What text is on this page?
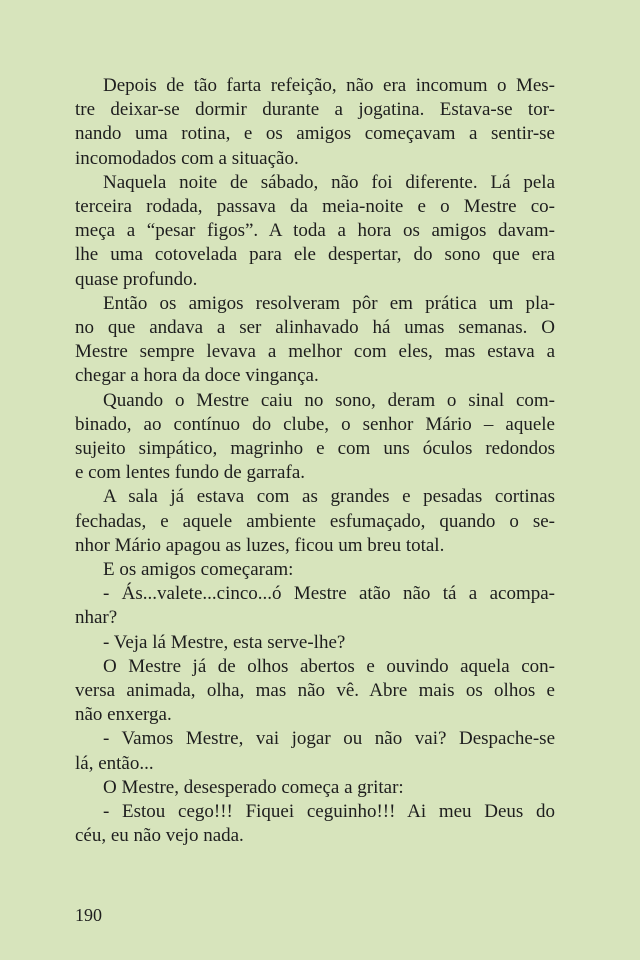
Depois de tão farta refeição, não era incomum o Mes-
tre deixar-se dormir durante a jogatina. Estava-se tor-
nando uma rotina, e os amigos começavam a sentir-se
incomodados com a situação.

Naquela noite de sábado, não foi diferente. Lá pela
terceira rodada, passava da meia-noite e o Mestre co-
meça a “pesar figos”. A toda a hora os amigos davam-
lhe uma cotovelada para ele despertar, do sono que era
quase profundo.

Então os amigos resolveram pôr em prática um pla-
no que andava a ser alinhavado há umas semanas. O
Mestre sempre levava a melhor com eles, mas estava a
chegar a hora da doce vingança.

Quando o Mestre caiu no sono, deram o sinal com-
binado, ao contínuo do clube, o senhor Mário – aquele
sujeito simpático, magrinho e com uns óculos redondos
e com lentes fundo de garrafa.

A sala já estava com as grandes e pesadas cortinas
fechadas, e aquele ambiente esfumaçado, quando o se-
nhor Mário apagou as luzes, ficou um breu total.

E os amigos começaram:

- Ás...valete...cinco...ó Mestre atão não tá a acompa-
nhar?

- Veja lá Mestre, esta serve-lhe?

O Mestre já de olhos abertos e ouvindo aquela con-
versa animada, olha, mas não vê. Abre mais os olhos e
não enxerga.

- Vamos Mestre, vai jogar ou não vai? Despache-se
lá, então...

O Mestre, desesperado começa a gritar:

- Estou cego!!! Fiquei ceguinho!!! Ai meu Deus do
céu, eu não vejo nada.

190
